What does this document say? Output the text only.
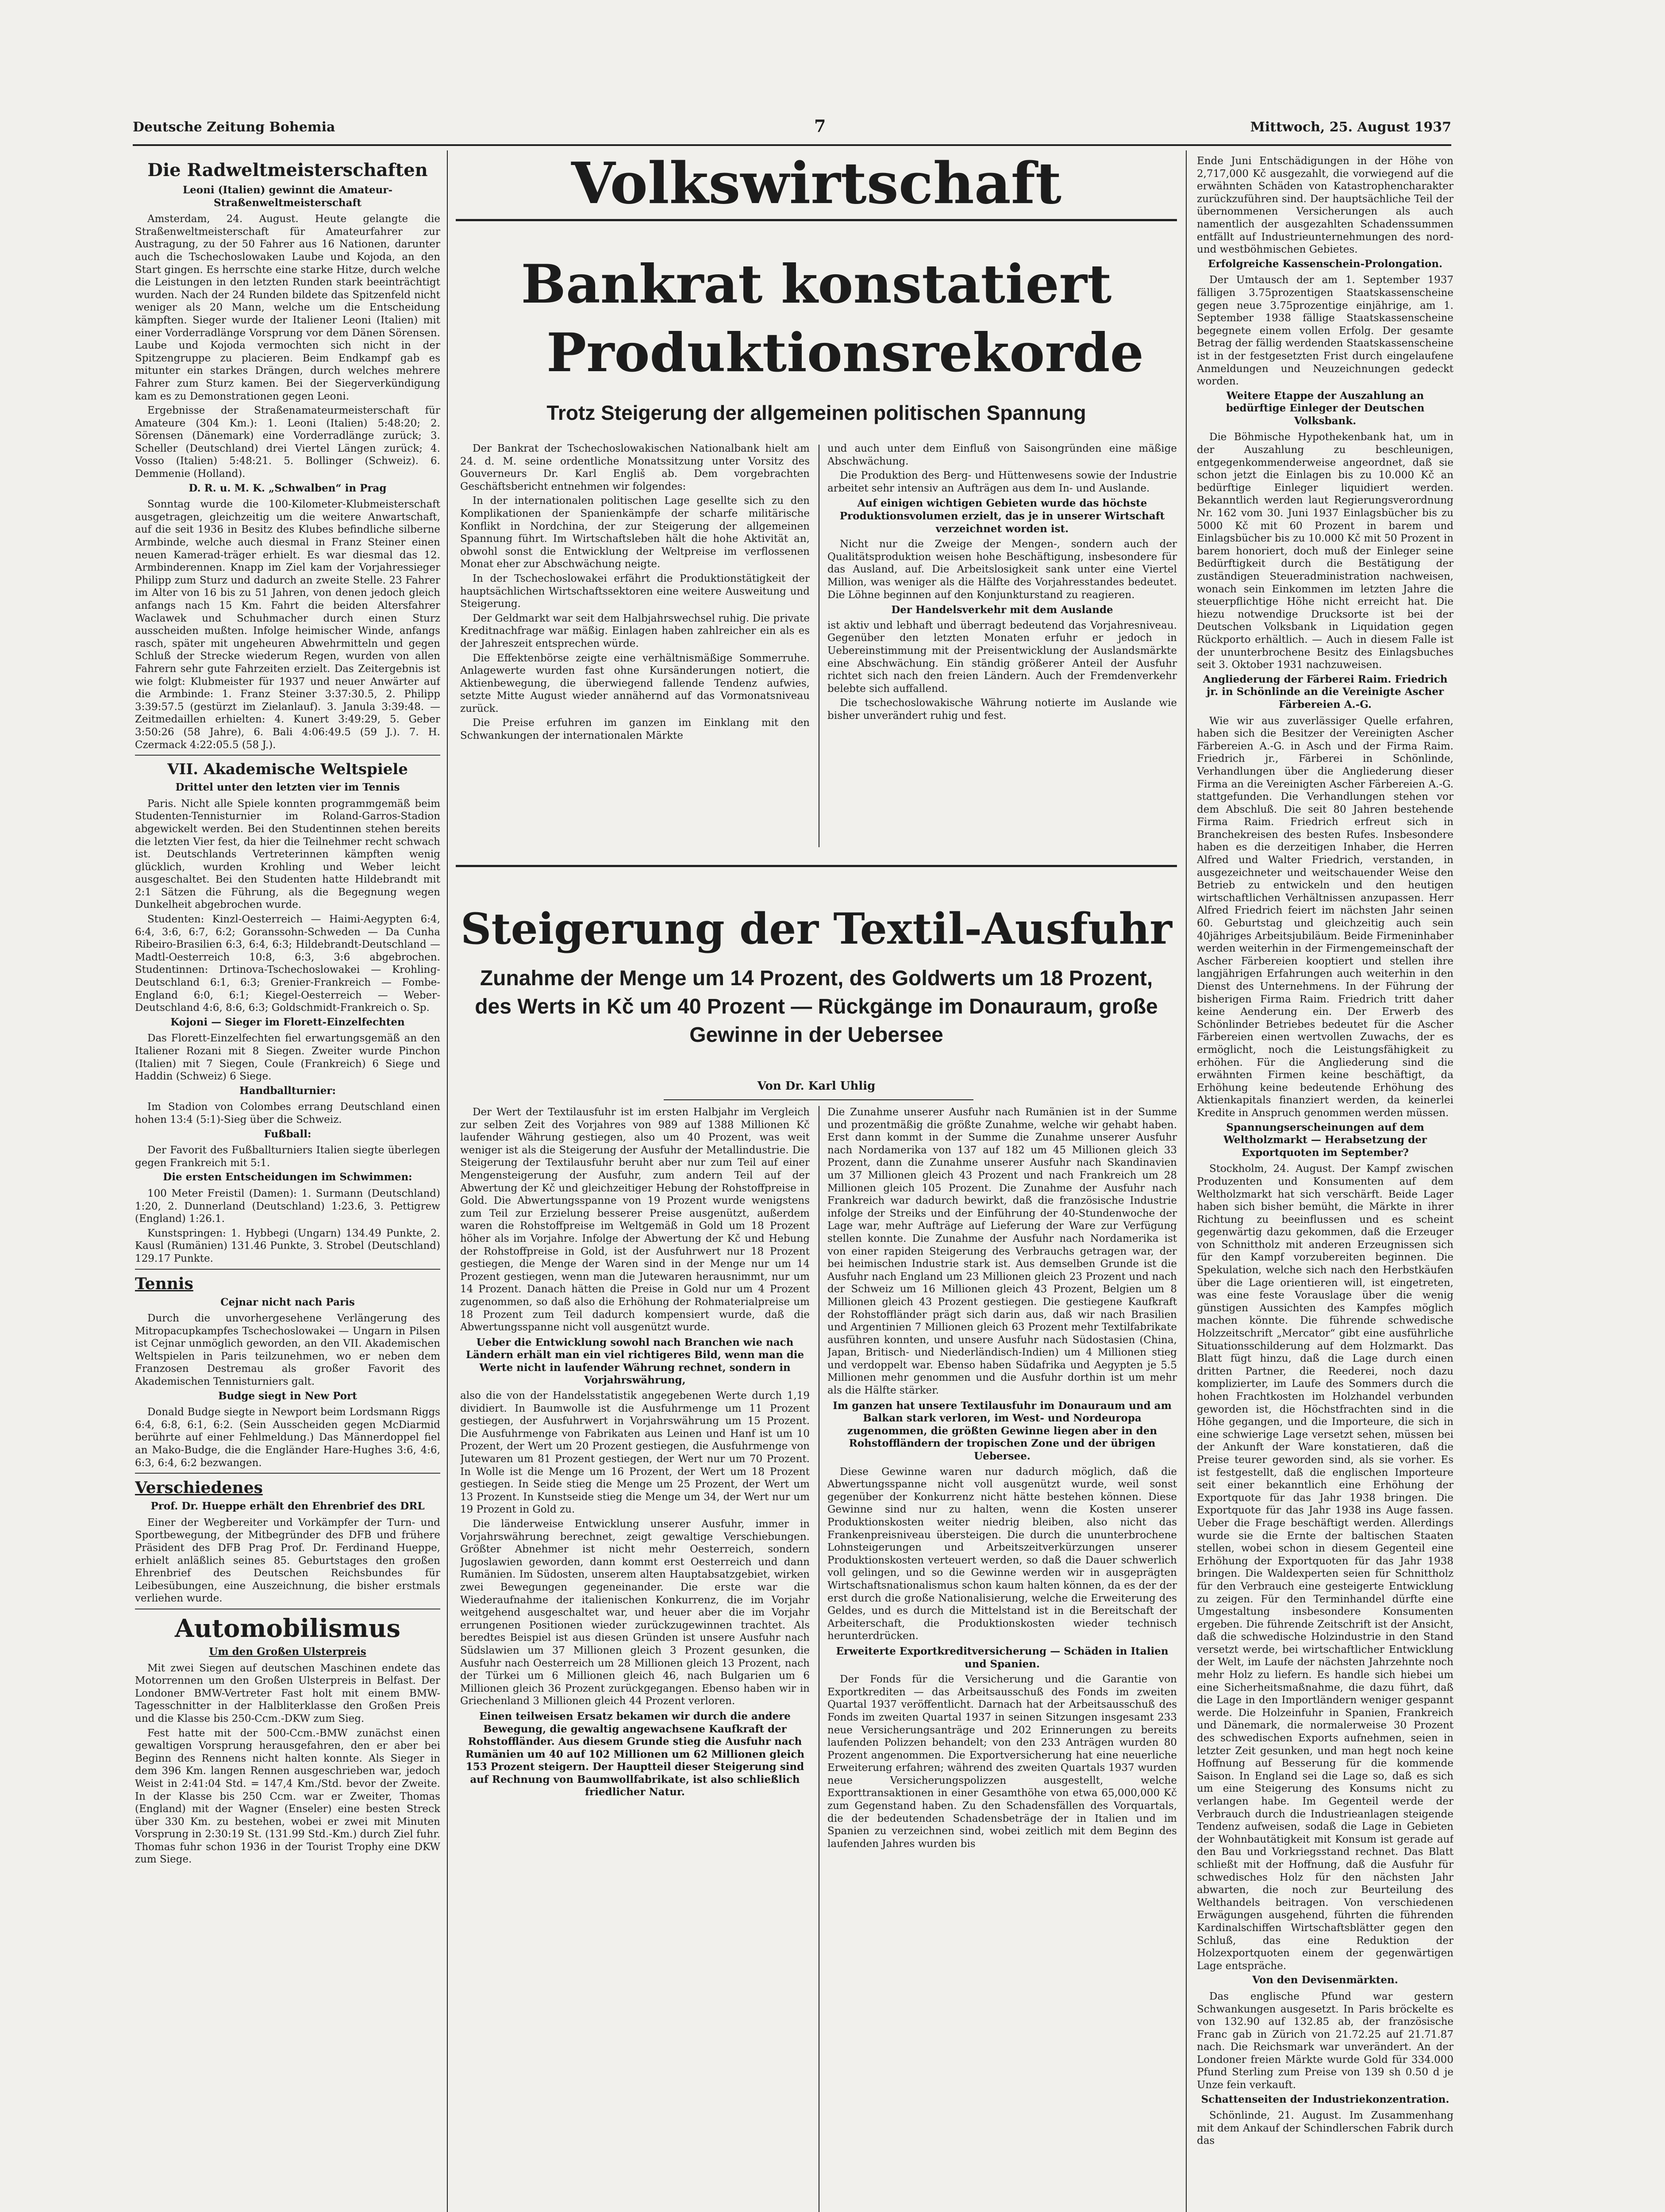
Deutsche Zeitung Bohemia	7	Mittwoch, 25. August 1937
Die Radweltmeisterschaften
Leoni (Italien) gewinnt die Amateur-Straßenweltmeisterschaft

Amsterdam, 24. August. Heute gelangte die Straßenweltmeisterschaft für Amateurfahrer zur Austragung, zu der 50 Fahrer aus 16 Nationen, darunter auch die Tschechoslowaken Laube und Kojoda, an den Start gingen. Es herrschte eine starke Hitze, durch welche die Leistungen in den letzten Runden stark beeinträchtigt wurden. Nach der 24 Runden bildete das Spitzenfeld nicht weniger als 20 Mann, welche um die Entscheidung kämpften. Sieger wurde der Italiener Leoni (Italien) mit einer Vorderradlänge Vorsprung vor dem Dänen Sörensen. Laube und Kojoda vermochten sich nicht in der Spitzengruppe zu placieren. Beim Endkampf gab es mitunter ein starkes Drängen, durch welches mehrere Fahrer zum Sturz kamen. Bei der Siegerverkündigung kam es zu Demonstrationen gegen Leoni.

Ergebnisse der Straßenamateurmeisterschaft für Amateure (304 Km.): 1. Leoni (Italien) 5:48:20; 2. Sörensen (Dänemark) eine Vorderradlänge zurück; 3. Scheller (Deutschland) drei Viertel Längen zurück; 4. Vosso (Italien) 5:48:21. 5. Bollinger (Schweiz). 6. Demmenie (Holland).

D. R. u. M. K. „Schwalben“ in Prag

Sonntag wurde die 100-Kilometer-Klubmeisterschaft ausgetragen, gleichzeitig um die weitere Anwartschaft, auf die seit 1936 in Besitz des Klubes befindliche silberne Armbinde, welche auch diesmal in Franz Steiner einen neuen Kamerad-träger erhielt. Es war diesmal das 12. Armbinderennen. Knapp im Ziel kam der Vorjahressieger Philipp zum Sturz und dadurch an zweite Stelle. 23 Fahrer im Alter von 16 bis zu 51 Jahren, von denen jedoch gleich anfangs nach 15 Km. Fahrt die beiden Altersfahrer Waclawek und Schuhmacher durch einen Sturz ausscheiden mußten. Infolge heimischer Winde, anfangs rasch, später mit ungeheuren Abwehrmitteln und gegen Schluß der Strecke wiederum Regen, wurden von allen Fahrern sehr gute Fahrzeiten erzielt. Das Zeitergebnis ist wie folgt: Klubmeister für 1937 und neuer Anwärter auf die Armbinde: 1. Franz Steiner 3:37:30.5, 2. Philipp 3:39:57.5 (gestürzt im Zielanlauf). 3. Janula 3:39:48. — Zeitmedaillen erhielten: 4. Kunert 3:49:29, 5. Geber 3:50:26 (58 Jahre), 6. Bali 4:06:49.5 (59 J.). 7. H. Czermack 4:22:05.5 (58 J.).

VII. Akademische Weltspiele
Drittel unter den letzten vier im Tennis

Paris. Nicht alle Spiele konnten programmgemäß beim Studenten-Tennisturnier im Roland-Garros-Stadion abgewickelt werden. Bei den Studentinnen stehen bereits die letzten Vier fest, da hier die Teilnehmer recht schwach ist. Deutschlands Vertreterinnen kämpften wenig glücklich, wurden Krohling und Weber leicht ausgeschaltet. Bei den Studenten hatte Hildebrandt mit 2:1 Sätzen die Führung, als die Begegnung wegen Dunkelheit abgebrochen wurde.

Studenten: Kinzl-Oesterreich — Haimi-Aegypten 6:4, 6:4, 3:6, 6:7, 6:2; Goranssohn-Schweden — Da Cunha Ribeiro-Brasilien 6:3, 6:4, 6:3; Hildebrandt-Deutschland — Madtl-Oesterreich 10:8, 6:3, 3:6 abgebrochen. Studentinnen: Drtinova-Tschechoslowakei — Krohling-Deutschland 6:1, 6:3; Grenier-Frankreich — Fombe-England 6:0, 6:1; Kiegel-Oesterreich — Weber-Deutschland 4:6, 8:6, 6:3; Goldschmidt-Frankreich o. Sp.

Kojoni — Sieger im Florett-Einzelfechten

Das Florett-Einzelfechten fiel erwartungsgemäß an den Italiener Rozani mit 8 Siegen. Zweiter wurde Pinchon (Italien) mit 7 Siegen, Coule (Frankreich) 6 Siege und Haddin (Schweiz) 6 Siege.

Handballturnier:

Im Stadion von Colombes errang Deutschland einen hohen 13:4 (5:1)-Sieg über die Schweiz.

Fußball:

Der Favorit des Fußballturniers Italien siegte überlegen gegen Frankreich mit 5:1.

Die ersten Entscheidungen im Schwimmen:

100 Meter Freistil (Damen): 1. Surmann (Deutschland) 1:20, 2. Dunnerland (Deutschland) 1:23.6, 3. Pettigrew (England) 1:26.1.

Kunstspringen: 1. Hybbegi (Ungarn) 134.49 Punkte, 2. Kausl (Rumänien) 131.46 Punkte, 3. Strobel (Deutschland) 129.17 Punkte.

Tennis
Cejnar nicht nach Paris

Durch die unvorhergesehene Verlängerung des Mitropacupkampfes Tschechoslowakei — Ungarn in Pilsen ist Cejnar unmöglich geworden, an den VII. Akademischen Weltspielen in Paris teilzunehmen, wo er neben dem Franzosen Destremau als großer Favorit des Akademischen Tennisturniers galt.

Budge siegt in New Port

Donald Budge siegte in Newport beim Lordsmann Riggs 6:4, 6:8, 6:1, 6:2. (Sein Ausscheiden gegen McDiarmid berührte auf einer Fehlmeldung.) Das Männerdoppel fiel an Mako-Budge, die die Engländer Hare-Hughes 3:6, 4:6, 6:3, 6:4, 6:2 bezwangen.

Verschiedenes
Prof. Dr. Hueppe erhält den Ehrenbrief des DRL

Einer der Wegbereiter und Vorkämpfer der Turn- und Sportbewegung, der Mitbegründer des DFB und frühere Präsident des DFB Prag Prof. Dr. Ferdinand Hueppe, erhielt anläßlich seines 85. Geburtstages den großen Ehrenbrief des Deutschen Reichsbundes für Leibesübungen, eine Auszeichnung, die bisher erstmals verliehen wurde.

Automobilismus
Um den Großen Ulsterpreis

Mit zwei Siegen auf deutschen Maschinen endete das Motorrennen um den Großen Ulsterpreis in Belfast. Der Londoner BMW-Vertreter Fast holt mit einem BMW-Tagesschnitter in der Halbliterklasse den Großen Preis und die Klasse bis 250-Ccm.-DKW zum Sieg.

Fest hatte mit der 500-Ccm.-BMW zunächst einen gewaltigen Vorsprung herausgefahren, den er aber bei Beginn des Rennens nicht halten konnte. Als Sieger in dem 396 Km. langen Rennen ausgeschrieben war, jedoch Weist in 2:41:04 Std. = 147,4 Km./Std. bevor der Zweite. In der Klasse bis 250 Ccm. war er Zweiter, Thomas (England) mit der Wagner (Enseler) eine besten Streck über 330 Km. zu bestehen, wobei er zwei mit Minuten Vorsprung in 2:30:19 St. (131.99 Std.-Km.) durch Ziel fuhr. Thomas fuhr schon 1936 in der Tourist Trophy eine DKW zum Siege.

Volkswirtschaft
Bankrat konstatiert
Produktionsrekorde
Trotz Steigerung der allgemeinen politischen Spannung

Der Bankrat der Tschechoslowakischen Nationalbank hielt am 24. d. M. seine ordentliche Monatssitzung unter Vorsitz des Gouverneurs Dr. Karl Engliš ab. Dem vorgebrachten Geschäftsbericht entnehmen wir folgendes:

In der internationalen politischen Lage gesellte sich zu den Komplikationen der Spanienkämpfe der scharfe militärische Konflikt in Nordchina, der zur Steigerung der allgemeinen Spannung führt. Im Wirtschaftsleben hält die hohe Aktivität an, obwohl sonst die Entwicklung der Weltpreise im verflossenen Monat eher zur Abschwächung neigte.

In der Tschechoslowakei erfährt die Produktionstätigkeit der hauptsächlichen Wirtschaftssektoren eine weitere Ausweitung und Steigerung.

Der Geldmarkt war seit dem Halbjahrswechsel ruhig. Die private Kreditnachfrage war mäßig. Einlagen haben zahlreicher ein als es der Jahreszeit entsprechen würde.

Die Effektenbörse zeigte eine verhältnismäßige Sommerruhe. Anlagewerte wurden fast ohne Kursänderungen notiert, die Aktienbewegung, die überwiegend fallende Tendenz aufwies, setzte Mitte August wieder annähernd auf das Vormonatsniveau zurück.

Die Preise erfuhren im ganzen im Einklang mit den Schwankungen der internationalen Märkte

und auch unter dem Einfluß von Saisongründen eine mäßige Abschwächung.

Die Produktion des Berg- und Hüttenwesens sowie der Industrie arbeitet sehr intensiv an Aufträgen aus dem In- und Auslande.

Auf einigen wichtigen Gebieten wurde das höchste Produktionsvolumen erzielt, das je in unserer Wirtschaft verzeichnet worden ist.

Nicht nur die Zweige der Mengen-, sondern auch der Qualitätsproduktion weisen hohe Beschäftigung, insbesondere für das Ausland, auf. Die Arbeitslosigkeit sank unter eine Viertel Million, was weniger als die Hälfte des Vorjahresstandes bedeutet. Die Löhne beginnen auf den Konjunkturstand zu reagieren.

Der Handelsverkehr mit dem Auslande

ist aktiv und lebhaft und überragt bedeutend das Vorjahresniveau. Gegenüber den letzten Monaten erfuhr er jedoch in Uebereinstimmung mit der Preisentwicklung der Auslandsmärkte eine Abschwächung. Ein ständig größerer Anteil der Ausfuhr richtet sich nach den freien Ländern. Auch der Fremdenverkehr belebte sich auffallend.

Die tschechoslowakische Währung notierte im Auslande wie bisher unverändert ruhig und fest.

Steigerung der Textil-Ausfuhr
Zunahme der Menge um 14 Prozent, des Goldwerts um 18 Prozent, des Werts in Kč um 40 Prozent — Rückgänge im Donauraum, große Gewinne in der Uebersee
Von Dr. Karl Uhlig

Der Wert der Textilausfuhr ist im ersten Halbjahr im Vergleich zur selben Zeit des Vorjahres von 989 auf 1388 Millionen Kč laufender Währung gestiegen, also um 40 Prozent, was weit weniger ist als die Steigerung der Ausfuhr der Metallindustrie. Die Steigerung der Textilausfuhr beruht aber nur zum Teil auf einer Mengensteigerung der Ausfuhr, zum andern Teil auf der Abwertung der Kč und gleichzeitiger Hebung der Rohstoffpreise in Gold. Die Abwertungsspanne von 19 Prozent wurde wenigstens zum Teil zur Erzielung besserer Preise ausgenützt, außerdem waren die Rohstoffpreise im Weltgemäß in Gold um 18 Prozent höher als im Vorjahre. Infolge der Abwertung der Kč und Hebung der Rohstoffpreise in Gold, ist der Ausfuhrwert nur 18 Prozent gestiegen, die Menge der Waren sind in der Menge nur um 14 Prozent gestiegen, wenn man die Jutewaren herausnimmt, nur um 14 Prozent. Danach hätten die Preise in Gold nur um 4 Prozent zugenommen, so daß also die Erhöhung der Rohmaterialpreise um 18 Prozent zum Teil dadurch kompensiert wurde, daß die Abwertungsspanne nicht voll ausgenützt wurde.

Ueber die Entwicklung sowohl nach Branchen wie nach Ländern erhält man ein viel richtigeres Bild, wenn man die Werte nicht in laufender Währung rechnet, sondern in Vorjahrswährung,

also die von der Handelsstatistik angegebenen Werte durch 1,19 dividiert. In Baumwolle ist die Ausfuhrmenge um 11 Prozent gestiegen, der Ausfuhrwert in Vorjahrswährung um 15 Prozent. Die Ausfuhrmenge von Fabrikaten aus Leinen und Hanf ist um 10 Prozent, der Wert um 20 Prozent gestiegen, die Ausfuhrmenge von Jutewaren um 81 Prozent gestiegen, der Wert nur um 70 Prozent. In Wolle ist die Menge um 16 Prozent, der Wert um 18 Prozent gestiegen. In Seide stieg die Menge um 25 Prozent, der Wert um 13 Prozent. In Kunstseide stieg die Menge um 34, der Wert nur um 19 Prozent in Gold zu.

Die länderweise Entwicklung unserer Ausfuhr, immer in Vorjahrswährung berechnet, zeigt gewaltige Verschiebungen. Größter Abnehmer ist nicht mehr Oesterreich, sondern Jugoslawien geworden, dann kommt erst Oesterreich und dann Rumänien. Im Südosten, unserem alten Hauptabsatzgebiet, wirken zwei Bewegungen gegeneinander. Die erste war die Wiederaufnahme der italienischen Konkurrenz, die im Vorjahr weitgehend ausgeschaltet war, und heuer aber die im Vorjahr errungenen Positionen wieder zurückzugewinnen trachtet. Als beredtes Beispiel ist aus diesen Gründen ist unsere Ausfuhr nach Südslawien um 37 Millionen gleich 3 Prozent gesunken, die Ausfuhr nach Oesterreich um 28 Millionen gleich 13 Prozent, nach der Türkei um 6 Millionen gleich 46, nach Bulgarien um 6 Millionen gleich 36 Prozent zurückgegangen. Ebenso haben wir in Griechenland 3 Millionen gleich 44 Prozent verloren.

Einen teilweisen Ersatz bekamen wir durch die andere Bewegung, die gewaltig angewachsene Kaufkraft der Rohstoffländer. Aus diesem Grunde stieg die Ausfuhr nach Rumänien um 40 auf 102 Millionen um 62 Millionen gleich 153 Prozent steigern. Der Hauptteil dieser Steigerung sind auf Rechnung von Baumwollfabrikate, ist also schließlich friedlicher Natur.

Die Zunahme unserer Ausfuhr nach Rumänien ist in der Summe und prozentmäßig die größte Zunahme, welche wir gehabt haben. Erst dann kommt in der Summe die Zunahme unserer Ausfuhr nach Nordamerika von 137 auf 182 um 45 Millionen gleich 33 Prozent, dann die Zunahme unserer Ausfuhr nach Skandinavien um 37 Millionen gleich 43 Prozent und nach Frankreich um 28 Millionen gleich 105 Prozent. Die Zunahme der Ausfuhr nach Frankreich war dadurch bewirkt, daß die französische Industrie infolge der Streiks und der Einführung der 40-Stundenwoche der Lage war, mehr Aufträge auf Lieferung der Ware zur Verfügung stellen konnte. Die Zunahme der Ausfuhr nach Nordamerika ist von einer rapiden Steigerung des Verbrauchs getragen war, der bei heimischen Industrie stark ist. Aus demselben Grunde ist die Ausfuhr nach England um 23 Millionen gleich 23 Prozent und nach der Schweiz um 16 Millionen gleich 43 Prozent, Belgien um 8 Millionen gleich 43 Prozent gestiegen. Die gestiegene Kaufkraft der Rohstoffländer prägt sich darin aus, daß wir nach Brasilien und Argentinien 7 Millionen gleich 63 Prozent mehr Textilfabrikate ausführen konnten, und unsere Ausfuhr nach Südostasien (China, Japan, Britisch- und Niederländisch-Indien) um 4 Millionen stieg und verdoppelt war. Ebenso haben Südafrika und Aegypten je 5.5 Millionen mehr genommen und die Ausfuhr dorthin ist um mehr als die Hälfte stärker.

Im ganzen hat unsere Textilausfuhr im Donauraum und am Balkan stark verloren, im West- und Nordeuropa zugenommen, die größten Gewinne liegen aber in den Rohstoffländern der tropischen Zone und der übrigen Uebersee.

Diese Gewinne waren nur dadurch möglich, daß die Abwertungsspanne nicht voll ausgenützt wurde, weil sonst gegenüber der Konkurrenz nicht hätte bestehen können. Diese Gewinne sind nur zu halten, wenn die Kosten unserer Produktionskosten weiter niedrig bleiben, also nicht das Frankenpreisniveau übersteigen. Die durch die ununterbrochene Lohnsteigerungen und Arbeitszeitverkürzungen unserer Produktionskosten verteuert werden, so daß die Dauer schwerlich voll gelingen, und so die Gewinne werden wir in ausgeprägten Wirtschaftsnationalismus schon kaum halten können, da es der der erst durch die große Nationalisierung, welche die Erweiterung des Geldes, und es durch die Mittelstand ist in die Bereitschaft der Arbeiterschaft, die Produktionskosten wieder technisch herunterdrücken.

Erweiterte Exportkreditversicherung — Schäden in Italien und Spanien.

Der Fonds für die Versicherung und die Garantie von Exportkrediten — das Arbeitsausschuß des Fonds im zweiten Quartal 1937 veröffentlicht. Darnach hat der Arbeitsausschuß des Fonds im zweiten Quartal 1937 in seinen Sitzungen insgesamt 233 neue Versicherungsanträge und 202 Erinnerungen zu bereits laufenden Polizzen behandelt; von den 233 Anträgen wurden 80 Prozent angenommen. Die Exportversicherung hat eine neuerliche Erweiterung erfahren; während des zweiten Quartals 1937 wurden neue Versicherungspolizzen ausgestellt, welche Exporttransaktionen in einer Gesamthöhe von etwa 65,000,000 Kč zum Gegenstand haben. Zu den Schadensfällen des Vorquartals, die der bedeutenden Schadensbeträge der in Italien und im Spanien zu verzeichnen sind, wobei zeitlich mit dem Beginn des laufenden Jahres wurden bis

Ende Juni Entschädigungen in der Höhe von 2,717,000 Kč ausgezahlt, die vorwiegend auf die erwähnten Schäden von Katastrophencharakter zurückzuführen sind. Der hauptsächliche Teil der übernommenen Versicherungen als auch namentlich der ausgezahlten Schadenssummen entfällt auf Industrieunternehmungen des nord- und westböhmischen Gebietes.

Erfolgreiche Kassenschein-Prolongation.

Der Umtausch der am 1. September 1937 fälligen 3.75prozentigen Staatskassenscheine gegen neue 3.75prozentige einjährige, am 1. September 1938 fällige Staatskassenscheine begegnete einem vollen Erfolg. Der gesamte Betrag der fällig werdenden Staatskassenscheine ist in der festgesetzten Frist durch eingelaufene Anmeldungen und Neuzeichnungen gedeckt worden.

Weitere Etappe der Auszahlung an bedürftige Einleger der Deutschen Volksbank.

Die Böhmische Hypothekenbank hat, um in der Auszahlung zu beschleunigen, entgegenkommenderweise angeordnet, daß sie schon jetzt die Einlagen bis zu 10.000 Kč an bedürftige Einleger liquidiert werden. Bekanntlich werden laut Regierungsverordnung Nr. 162 vom 30. Juni 1937 Einlagsbücher bis zu 5000 Kč mit 60 Prozent in barem und Einlagsbücher bis zu 10.000 Kč mit 50 Prozent in barem honoriert, doch muß der Einleger seine Bedürftigkeit durch die Bestätigung der zuständigen Steueradministration nachweisen, wonach sein Einkommen im letzten Jahre die steuerpflichtige Höhe nicht erreicht hat. Die hiezu notwendige Drucksorte ist bei der Deutschen Volksbank in Liquidation gegen Rückporto erhältlich. — Auch in diesem Falle ist der ununterbrochene Besitz des Einlagsbuches seit 3. Oktober 1931 nachzuweisen.

Angliederung der Färberei Raim. Friedrich jr. in Schönlinde an die Vereinigte Ascher Färbereien A.-G.

Wie wir aus zuverlässiger Quelle erfahren, haben sich die Besitzer der Vereinigten Ascher Färbereien A.-G. in Asch und der Firma Raim. Friedrich jr., Färberei in Schönlinde, Verhandlungen über die Angliederung dieser Firma an die Vereinigten Ascher Färbereien A.-G. stattgefunden. Die Verhandlungen stehen vor dem Abschluß. Die seit 80 Jahren bestehende Firma Raim. Friedrich erfreut sich in Branchekreisen des besten Rufes. Insbesondere haben es die derzeitigen Inhaber, die Herren Alfred und Walter Friedrich, verstanden, in ausgezeichneter und weitschauender Weise den Betrieb zu entwickeln und den heutigen wirtschaftlichen Verhältnissen anzupassen. Herr Alfred Friedrich feiert im nächsten Jahr seinen 60. Geburtstag und gleichzeitig auch sein 40jähriges Arbeitsjubiläum. Beide Firmeninhaber werden weiterhin in der Firmengemeinschaft der Ascher Färbereien kooptiert und stellen ihre langjährigen Erfahrungen auch weiterhin in den Dienst des Unternehmens. In der Führung der bisherigen Firma Raim. Friedrich tritt daher keine Aenderung ein. Der Erwerb des Schönlinder Betriebes bedeutet für die Ascher Färbereien einen wertvollen Zuwachs, der es ermöglicht, noch die Leistungsfähigkeit zu erhöhen. Für die Angliederung sind die erwähnten Firmen keine beschäftigt, da Erhöhung keine bedeutende Erhöhung des Aktienkapitals finanziert werden, da keinerlei Kredite in Anspruch genommen werden müssen.

Spannungserscheinungen auf dem Weltholzmarkt — Herabsetzung der Exportquoten im September?

Stockholm, 24. August. Der Kampf zwischen Produzenten und Konsumenten auf dem Weltholzmarkt hat sich verschärft. Beide Lager haben sich bisher bemüht, die Märkte in ihrer Richtung zu beeinflussen und es scheint gegenwärtig dazu gekommen, daß die Erzeuger von Schnittholz mit anderen Erzeugnissen sich für den Kampf vorzubereiten beginnen. Die Spekulation, welche sich nach den Herbstkäufen über die Lage orientieren will, ist eingetreten, was eine feste Vorauslage über die wenig günstigen Aussichten des Kampfes möglich machen könnte. Die führende schwedische Holzzeitschrift „Mercator“ gibt eine ausführliche Situationsschilderung auf dem Holzmarkt. Das Blatt fügt hinzu, daß die Lage durch einen dritten Partner, die Reederei, noch dazu komplizierter, im Laufe des Sommers durch die hohen Frachtkosten im Holzhandel verbunden geworden ist, die Höchstfrachten sind in die Höhe gegangen, und die Importeure, die sich in eine schwierige Lage versetzt sehen, müssen bei der Ankunft der Ware konstatieren, daß die Preise teurer geworden sind, als sie vorher. Es ist festgestellt, daß die englischen Importeure seit einer bekanntlich eine Erhöhung der Exportquote für das Jahr 1938 bringen. Die Exportquote für das Jahr 1938 ins Auge fassen. Ueber die Frage beschäftigt werden. Allerdings wurde sie die Ernte der baltischen Staaten stellen, wobei schon in diesem Gegenteil eine Erhöhung der Exportquoten für das Jahr 1938 bringen. Die Waldexperten seien für Schnittholz für den Verbrauch eine gesteigerte Entwicklung zu zeigen. Für den Terminhandel dürfte eine Umgestaltung insbesondere Konsumenten ergeben. Die führende Zeitschrift ist der Ansicht, daß die schwedische Holzindustrie in den Stand versetzt werde, bei wirtschaftlicher Entwicklung der Welt, im Laufe der nächsten Jahrzehnte noch mehr Holz zu liefern. Es handle sich hiebei um eine Sicherheitsmaßnahme, die dazu führt, daß die Lage in den Importländern weniger gespannt werde. Die Holzeinfuhr in Spanien, Frankreich und Dänemark, die normalerweise 30 Prozent des schwedischen Exports aufnehmen, seien in letzter Zeit gesunken, und man hegt noch keine Hoffnung auf Besserung für die kommende Saison. In England sei die Lage so, daß es sich um eine Steigerung des Konsums nicht zu verlangen habe. Im Gegenteil werde der Verbrauch durch die Industrieanlagen steigende Tendenz aufweisen, sodaß die Lage in Gebieten der Wohnbautätigkeit mit Konsum ist gerade auf den Bau und Vorkriegsstand rechnet. Das Blatt schließt mit der Hoffnung, daß die Ausfuhr für schwedisches Holz für den nächsten Jahr abwarten, die noch zur Beurteilung des Welthandels beitragen. Von verschiedenen Erwägungen ausgehend, führten die führenden Kardinalschiffen Wirtschaftsblätter gegen den Schluß, das eine Reduktion der Holzexportquoten einem der gegenwärtigen Lage entspräche.

Von den Devisenmärkten.

Das englische Pfund war gestern Schwankungen ausgesetzt. In Paris bröckelte es von 132.90 auf 132.85 ab, der französische Franc gab in Zürich von 21.72.25 auf 21.71.87 nach. Die Reichsmark war unverändert. An der Londoner freien Märkte wurde Gold für 334.000 Pfund Sterling zum Preise von 139 sh 0.50 d je Unze fein verkauft.

Schattenseiten der Industriekonzentration.

Schönlinde, 21. August. Im Zusammenhang mit dem Ankauf der Schindlerschen Fabrik durch das
